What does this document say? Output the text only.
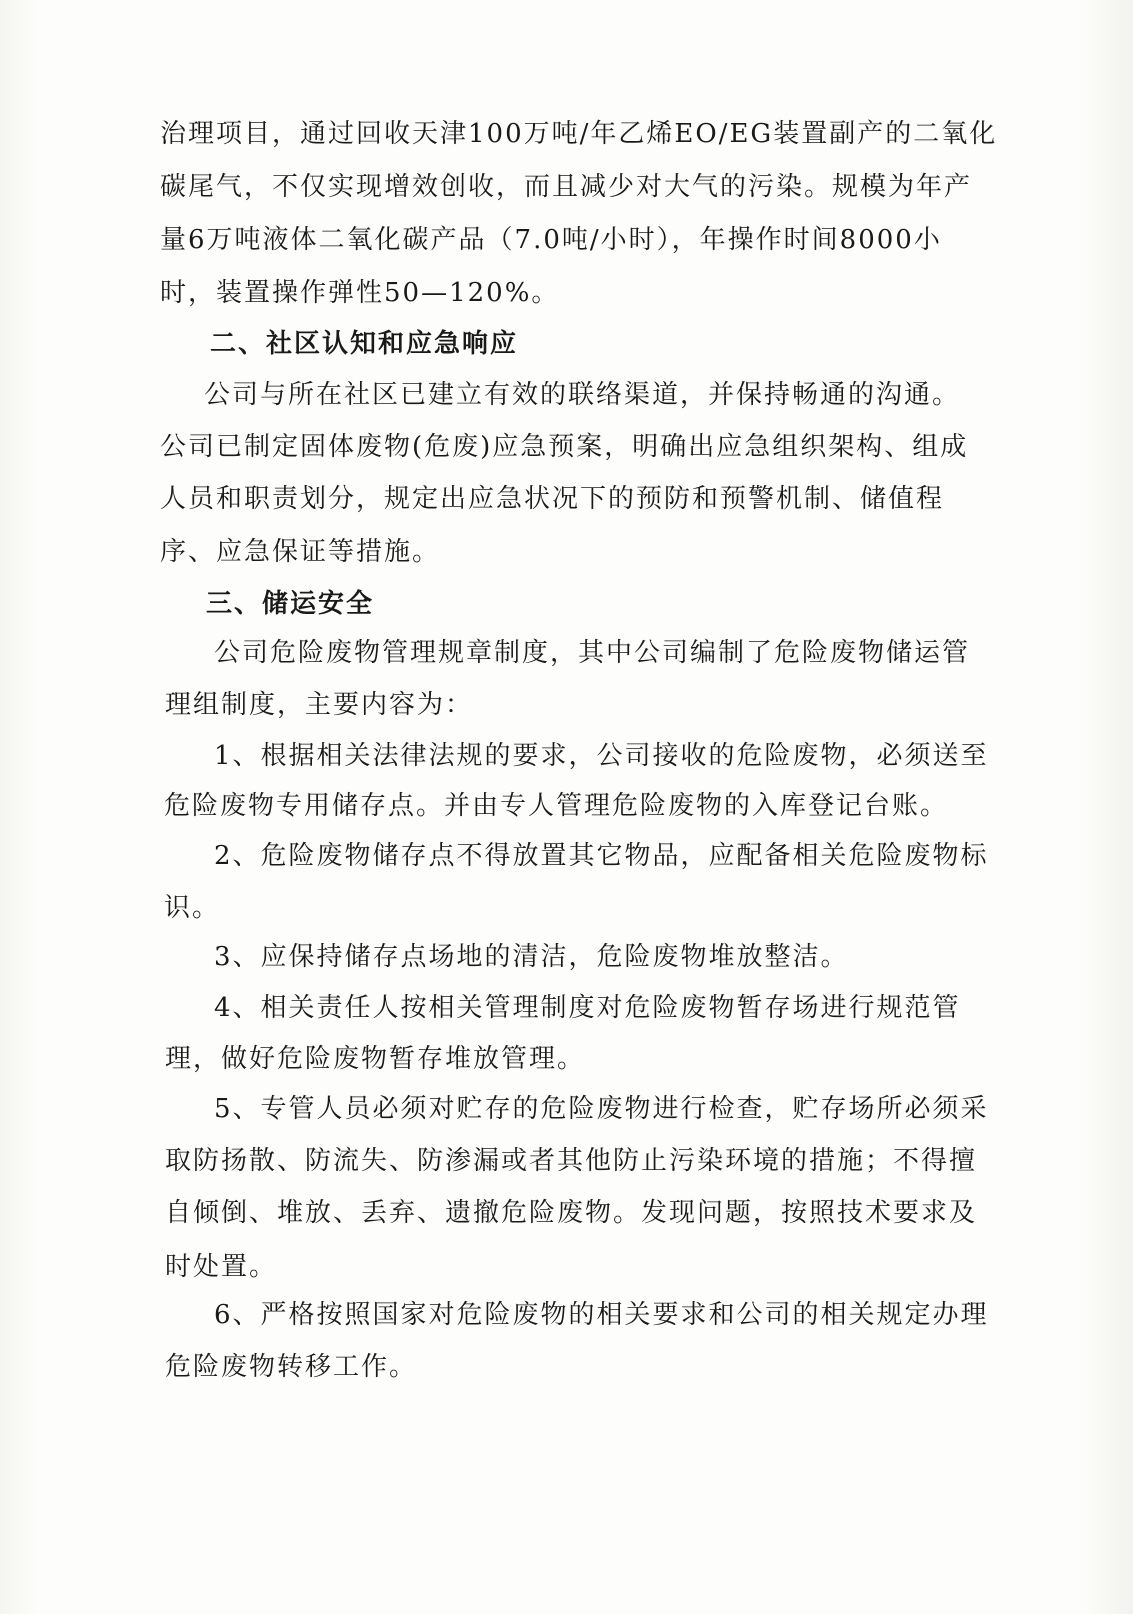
治理项目，通过回收天津100万吨/年乙烯EO/EG装置副产的二氧化
碳尾气，不仅实现增效创收，而且减少对大气的污染。规模为年产
量6万吨液体二氧化碳产品（7.0吨/小时），年操作时间8000小
时，装置操作弹性50—120%。
二、社区认知和应急响应
公司与所在社区已建立有效的联络渠道，并保持畅通的沟通。
公司已制定固体废物(危废)应急预案，明确出应急组织架构、组成
人员和职责划分，规定出应急状况下的预防和预警机制、储值程
序、应急保证等措施。
三、储运安全
公司危险废物管理规章制度，其中公司编制了危险废物储运管
理组制度，主要内容为：
1、根据相关法律法规的要求，公司接收的危险废物，必须送至
危险废物专用储存点。并由专人管理危险废物的入库登记台账。
2、危险废物储存点不得放置其它物品，应配备相关危险废物标
识。
3、应保持储存点场地的清洁，危险废物堆放整洁。
4、相关责任人按相关管理制度对危险废物暂存场进行规范管
理，做好危险废物暂存堆放管理。
5、专管人员必须对贮存的危险废物进行检查，贮存场所必须采
取防扬散、防流失、防渗漏或者其他防止污染环境的措施；不得擅
自倾倒、堆放、丢弃、遗撤危险废物。发现问题，按照技术要求及
时处置。
6、严格按照国家对危险废物的相关要求和公司的相关规定办理
危险废物转移工作。
